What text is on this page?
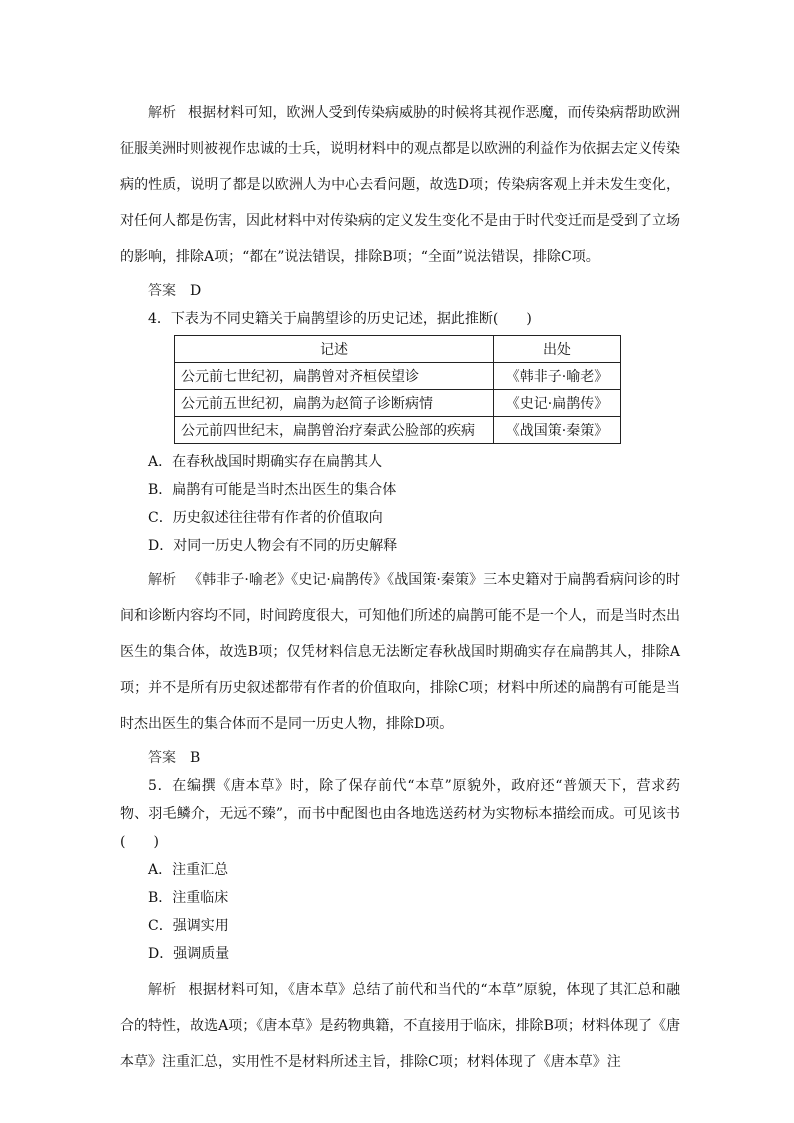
解析 根据材料可知，欧洲人受到传染病威胁的时候将其视作恶魔，而传染病帮助欧洲征服美洲时则被视作忠诚的士兵，说明材料中的观点都是以欧洲的利益作为依据去定义传染病的性质，说明了都是以欧洲人为中心去看问题，故选D项；传染病客观上并未发生变化，对任何人都是伤害，因此材料中对传染病的定义发生变化不是由于时代变迁而是受到了立场的影响，排除A项；“都在”说法错误，排除B项；“全面”说法错误，排除C项。

答案 D

4．下表为不同史籍关于扁鹊望诊的历史记述，据此推断(　　)

记述	出处
公元前七世纪初，扁鹊曾对齐桓侯望诊	《韩非子·喻老》
公元前五世纪初，扁鹊为赵简子诊断病情	《史记·扁鹊传》
公元前四世纪末，扁鹊曾治疗秦武公脸部的疾病	《战国策·秦策》

A．在春秋战国时期确实存在扁鹊其人

B．扁鹊有可能是当时杰出医生的集合体

C．历史叙述往往带有作者的价值取向

D．对同一历史人物会有不同的历史解释

解析 《韩非子·喻老》《史记·扁鹊传》《战国策·秦策》三本史籍对于扁鹊看病问诊的时间和诊断内容均不同，时间跨度很大，可知他们所述的扁鹊可能不是一个人，而是当时杰出医生的集合体，故选B项；仅凭材料信息无法断定春秋战国时期确实存在扁鹊其人，排除A项；并不是所有历史叙述都带有作者的价值取向，排除C项；材料中所述的扁鹊有可能是当时杰出医生的集合体而不是同一历史人物，排除D项。

答案 B

5．在编撰《唐本草》时，除了保存前代“本草”原貌外，政府还“普颁天下，营求药物、羽毛鳞介，无远不臻”，而书中配图也由各地选送药材为实物标本描绘而成。可见该书(　　)

A．注重汇总

B．注重临床

C．强调实用

D．强调质量

解析 根据材料可知，《唐本草》总结了前代和当代的“本草”原貌，体现了其汇总和融合的特性，故选A项；《唐本草》是药物典籍，不直接用于临床，排除B项；材料体现了《唐本草》注重汇总，实用性不是材料所述主旨，排除C项；材料体现了《唐本草》注
